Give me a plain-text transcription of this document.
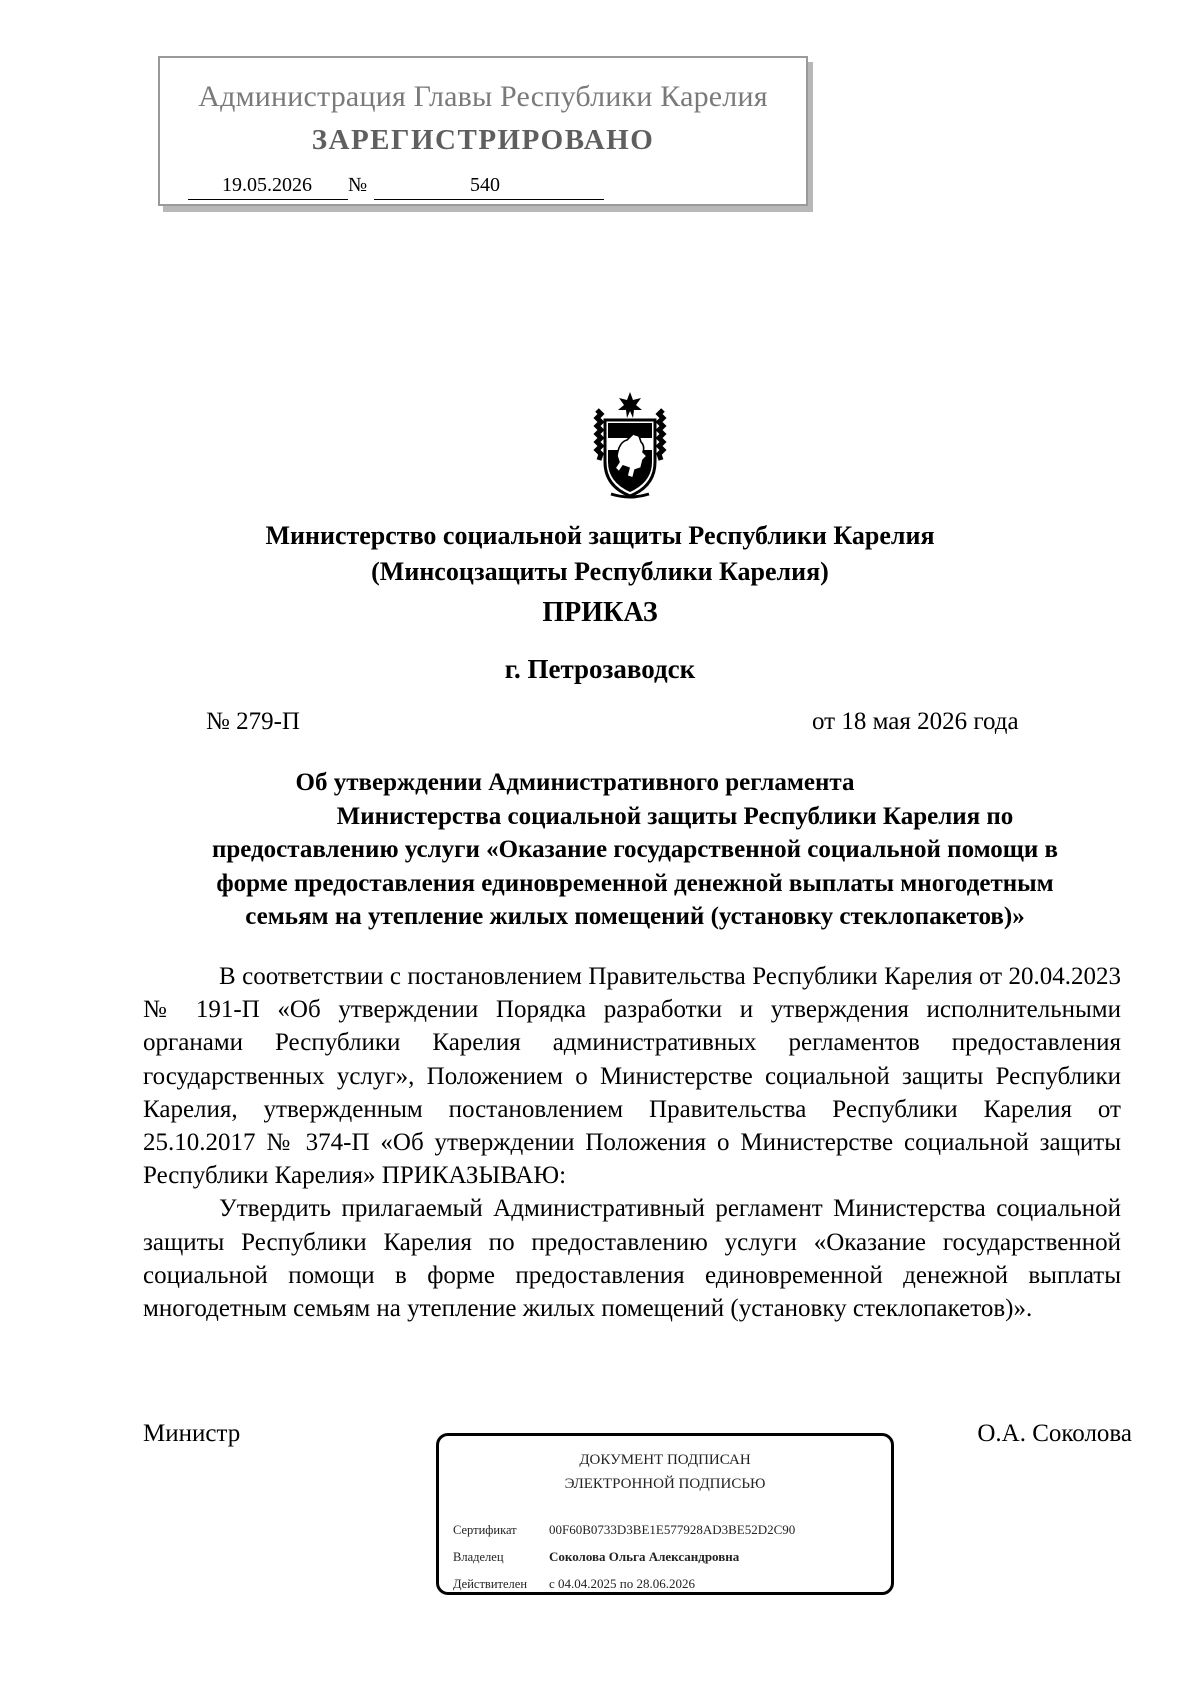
Администрация Главы Республики Карелия
ЗАРЕГИСТРИРОВАНО
19.05.2026	№	540
Министерство социальной защиты Республики Карелия
(Минсоцзащиты Республики Карелия)
ПРИКАЗ
г. Петрозаводск
№ 279-П	от 18 мая 2026 года
Об утверждении Административного регламента
Министерства социальной защиты Республики Карелия по
предоставлению услуги «Оказание государственной социальной помощи в
форме предоставления единовременной денежной выплаты многодетным
семьям на утепление жилых помещений (установку стеклопакетов)»

В соответствии с постановлением Правительства Республики Карелия от 20.04.2023 № 191-П «Об утверждении Порядка разработки и утверждения исполнительными органами Республики Карелия административных регламентов предоставления государственных услуг», Положением о Министерстве социальной защиты Республики Карелия, утвержденным постановлением Правительства Республики Карелия от 25.10.2017 № 374-П «Об утверждении Положения о Министерстве социальной защиты Республики Карелия» ПРИКАЗЫВАЮ:

Утвердить прилагаемый Административный регламент Министерства социальной защиты Республики Карелия по предоставлению услуги «Оказание государственной социальной помощи в форме предоставления единовременной денежной выплаты многодетным семьям на утепление жилых помещений (установку стеклопакетов)».

Министр	О.А. Соколова
ДОКУМЕНТ ПОДПИСАН
ЭЛЕКТРОННОЙ ПОДПИСЬЮ
Сертификат 00F60B0733D3BE1E577928AD3BE52D2C90
Владелец	Соколова Ольга Александровна
Действителен с 04.04.2025 по 28.06.2026
